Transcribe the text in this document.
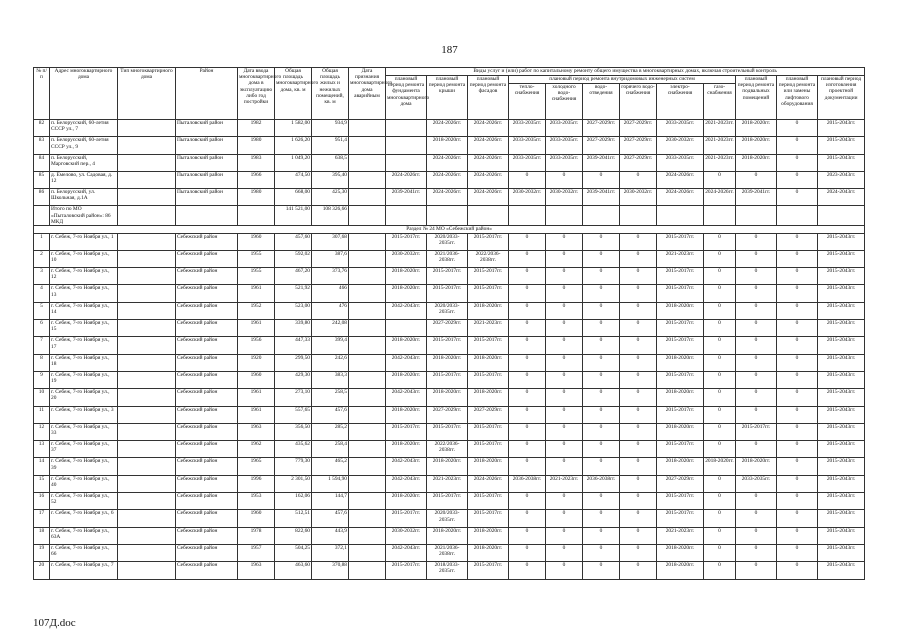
187
№ п/п	Адрес многоквартирного дома	Тип многоквартирного дома	Район	Дата ввода многоквартирного дома в эксплуатацию либо год постройки	Общая площадь многоквартирного дома, кв. м	Общая площадь жилых и нежилых помещений, кв. м	Дата признания многоквартирного дома аварийным	Виды услуг и (или) работ по капитальному ремонту общего имущества в многоквартирных домах, включая строительный контроль											
								плановый период ремонта фундамента многоквартирного дома	плановый период ремонта крыши	плановый период ремонта фасадов	плановый период ремонта внутридомовых инженерных систем						плановый период ремонта подвальных помещений	плановый период ремонта или замены лифтового оборудования	плановый период изготовления проектной документации
											тепло-снабжения	холодного водо-снабжения	водо-отведения	горячего водо-снабжения	электро-снабжения	газо-снабжения			
82	п. Белорусский, 60-летия СССР ул., 7		Пыталовский район	1982	1 582,00	934,9			2024-2026гг.	2024-2026гг.	2033-2035гг.	2033-2035гг.	2027-2029гг.	2027-2029гг.	2033-2035гг.	2021-2023гг.	2018-2020гг.	0	2015-2043гг.
83	п. Белорусский, 60-летия СССР ул., 9		Пыталовский район	1980	1 626,20	951,4			2018-2020гг.	2024-2026гг.	2033-2035гг.	2033-2035гг.	2027-2029гг.	2027-2029гг.	2030-2032гг.	2021-2023гг.	2018-2020гг.	0	2015-2043гг.
84	п. Белорусский, Марговский пер., 4		Пыталовский район	1983	1 049,20	638,5			2024-2026гг.	2024-2026гг.	2033-2035гг.	2033-2035гг.	2039-2041гг.	2027-2029гг.	2033-2035гг.	2021-2023гг.	2018-2020гг.	0	2015-2043гг.
85	д. Емелово, ул. Садовая, д. 12		Пыталовский район	1966	474,50	395,40		2024-2026гг.	2024-2026гг.	2024-2026гг.	0	0	0	0	2024-2026гг.	0	0	0	2023-2043гг.
86	п. Белорусский, ул. Школьная, д.1А		Пыталовский район	1980	668,00	425,30		2039-2041гг.	2024-2026гг.	2024-2026гг.	2030-2032гг.	2030-2032гг.	2039-2041гг.	2030-2032гг.	2024-2026гг.	2024-2026гг.	2039-2041гг.	0	2024-2043гг.
	Итого по МО «Пыталовский район»: 86 МКД				141 521,00	108 326,66													
Раздел № 24 МО «Себежский район»																			
1	г. Себеж, 7-го Ноября ул., 1		Себежский район	1960	457,60	307,68		2015-2017гг.	2020/2033-2035гг.	2015-2017гг.	0	0	0	0	2015-2017гг.	0	0	0	2015-2043гг.
2	г. Себеж, 7-го Ноября ул., 10		Себежский район	1955	592,02	387,6		2030-2032гг.	2021/2036-2038гг.	2022/2036-2038гг.	0	0	0	0	2021-2023гг.	0	0	0	2015-2043гг.
3	г. Себеж, 7-го Ноября ул., 12		Себежский район	1955	467,20	373,76		2018-2020гг.	2015-2017гг.	2015-2017гг.	0	0	0	0	2015-2017гг.	0	0	0	2015-2043гг.
4	г. Себеж, 7-го Ноября ул., 13		Себежский район	1961	521,92	466		2018-2020гг.	2015-2017гг.	2015-2017гг.	0	0	0	0	2015-2017гг.	0	0	0	2015-2043гг.
5	г. Себеж, 7-го Ноября ул., 14		Себежский район	1952	523,00	476		2042-2043гг.	2020/2033-2035гг.	2018-2020гг.	0	0	0	0	2018-2020гг.	0	0	0	2015-2043гг.
6	г. Себеж, 7-го Ноября ул., 15		Себежский район	1961	339,80	242,08			2027-2029гг.	2021-2023гг.	0	0	0	0	2015-2017гг.	0	0	0	2015-2043гг.
7	г. Себеж, 7-го Ноября ул., 17		Себежский район	1956	447,33	399,4		2018-2020гг.	2015-2017гг.	2015-2017гг.	0	0	0	0	2015-2017гг.	0	0	0	2015-2043гг.
8	г. Себеж, 7-го Ноября ул., 18		Себежский район	1920	299,50	242,6		2042-2043гг.	2018-2020гг.	2018-2020гг.	0	0	0	0	2018-2020гг.	0	0	0	2015-2043гг.
9	г. Себеж, 7-го Ноября ул., 19		Себежский район	1960	429,30	383,3		2018-2020гг.	2015-2017гг.	2015-2017гг.	0	0	0	0	2015-2017гг.	0	0	0	2015-2043гг.
10	г. Себеж, 7-го Ноября ул., 20		Себежский район	1961	273,10	258,5		2042-2043гг.	2018-2020гг.	2018-2020гг.	0	0	0	0	2018-2020гг.	0	0	0	2015-2043гг.
11	г. Себеж, 7-го Ноября ул., 3		Себежский район	1961	557,65	457,6		2018-2020гг.	2027-2029гг.	2027-2029гг.	0	0	0	0	2015-2017гг.	0	0	0	2015-2043гг.
12	г. Себеж, 7-го Ноября ул., 33		Себежский район	1963	356,50	285,2		2015-2017гг.	2015-2017гг.	2015-2017гг.	0	0	0	0	2018-2020гг.	0	2015-2017гг.	0	2015-2043гг.
13	г. Себеж, 7-го Ноября ул., 37		Себежский район	1962	435,62	258,4		2018-2020гг.	2022/2036-2038гг.	2015-2017гг.	0	0	0	0	2015-2017гг.	0	0	0	2015-2043гг.
14	г. Себеж, 7-го Ноября ул., 39		Себежский район	1965	779,30	465,2		2042-2043гг.	2018-2020гг.	2018-2020гг.	0	0	0	0	2018-2020гг.	2018-2020гг.	2018-2020гг.	0	2015-2043гг.
15	г. Себеж, 7-го Ноября ул., 40		Себежский район	1996	2 301,50	1 594,90		2042-2043гг.	2021-2023гг.	2024-2026гг.	2036-2038гг.	2021-2023гг.	2036-2038гг.	0	2027-2029гг.	0	2033-2035гг.	0	2015-2043гг.
16	г. Себеж, 7-го Ноября ул., 52		Себежский район	1953	162,06	144,7		2018-2020гг.	2015-2017гг.	2015-2017гг.	0	0	0	0	2015-2017гг.	0	0	0	2015-2043гг.
17	г. Себеж, 7-го Ноября ул., 6		Себежский район	1960	512,51	457,6		2015-2017гг.	2020/2033-2035гг.	2015-2017гг.	0	0	0	0	2015-2017гг.	0	0	0	2015-2043гг.
18	г. Себеж, 7-го Ноября ул., 63А		Себежский район	1978	822,60	443,9		2030-2032гг.	2018-2020гг.	2018-2020гг.	0	0	0	0	2021-2023гг.	0	0	0	2015-2043гг.
19	г. Себеж, 7-го Ноября ул., 66		Себежский район	1957	504,25	372,1		2042-2043гг.	2021/2036-2038гг.	2018-2020гг.	0	0	0	0	2018-2020гг.	0	0	0	2015-2043гг.
20	г. Себеж, 7-го Ноября ул., 7		Себежский район	1963	463,60	370,88		2015-2017гг.	2018/2033-2035гг.	2015-2017гг.	0	0	0	0	2018-2020гг.	0	0	0	2015-2043гг.
107Д.doc
